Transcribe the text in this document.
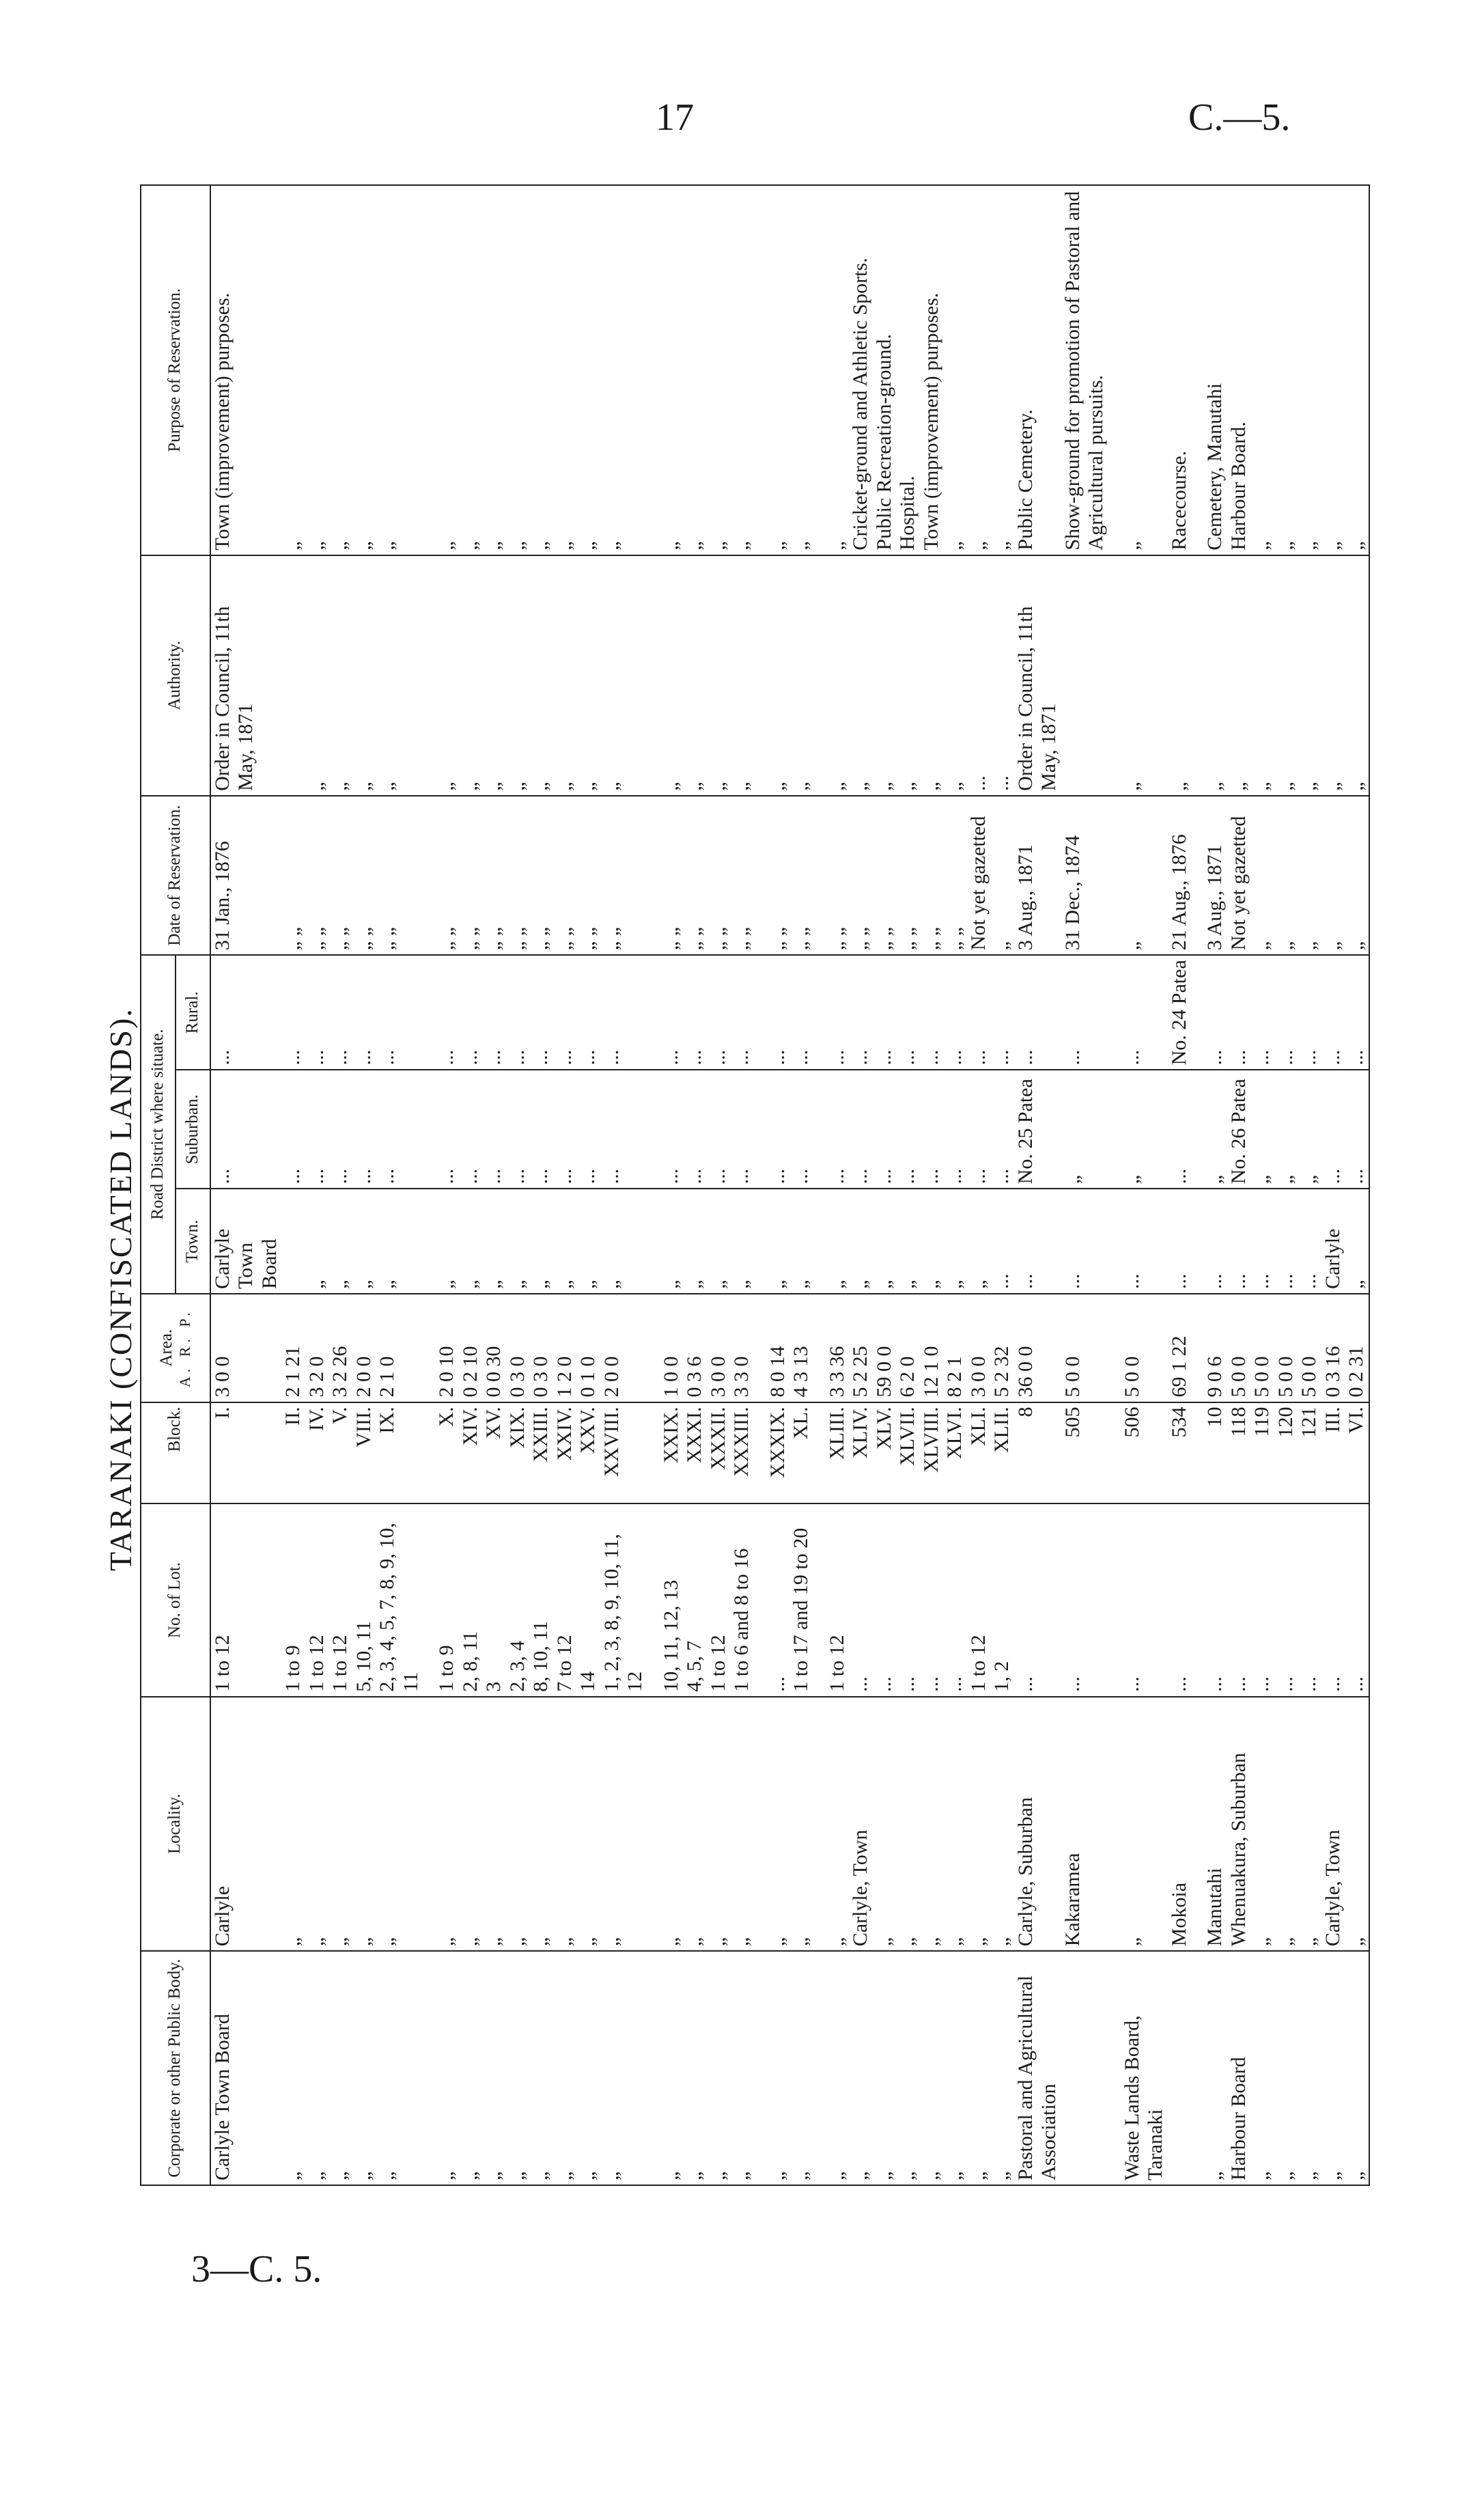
17	C.—5.
3—C. 5.
TARANAKI (CONFISCATED LANDS).
Corporate or other Public Body.	Locality.	No. of Lot.	Block.	Area. A. R. P.	Road District where situate.			Date of Reservation.	Authority.	Purpose of Reservation.
					Town.	Suburban.	Rural.			
Carlyle Town Board	Carlyle	1 to 12	I.	3 0 0	Carlyle Town Board	...	...	31 Jan., 1876	Order in Council, 11th May, 1871	Town (improvement) purposes.
„	„	1 to 9	II.	2 1 21		...	...	„ „		„
„	„	1 to 12	IV.	3 2 0	„	...	...	„ „	„	„
„	„	1 to 12	V.	3 2 26	„	...	...	„ „	„	„
„	„	5, 10, 11	VIII.	2 0 0	„	...	...	„ „	„	„
„	„	2, 3, 4, 5, 7, 8, 9, 10, 11	IX.	2 1 0	„	...	...	„ „	„	„

„	„	1 to 9	X.	2 0 10	„	...	...	„ „	„	„
„	„	2, 8, 11	XIV.	0 2 10	„	...	...	„ „	„	„
„	„	3	XV.	0 0 30	„	...	...	„ „	„	„
„	„	2, 3, 4	XIX.	0 3 0	„	...	...	„ „	„	„
„	„	8, 10, 11	XXIII.	0 3 0	„	...	...	„ „	„	„
„	„	7 to 12	XXIV.	1 2 0	„	...	...	„ „	„	„
„	„	14	XXV.	0 1 0	„	...	...	„ „	„	„
„	„	1, 2, 3, 8, 9, 10, 11, 12	XXVIII.	2 0 0	„	...	...	„ „	„	„

„	„	10, 11, 12, 13	XXIX.	1 0 0	„	...	...	„ „	„	„
„	„	4, 5, 7	XXXI.	0 3 6	„	...	...	„ „	„	„
„	„	1 to 12	XXXII.	3 0 0	„	...	...	„ „	„	„
„	„	1 to 6 and 8 to 16	XXXIII.	3 3 0	„	...	...	„ „	„	„

„	„	...	XXXIX.	8 0 14	„	...	...	„ „	„	„
„	„	1 to 17 and 19 to 20	XL.	4 3 13	„	...	...	„ „	„	„

„	„	1 to 12	XLIII.	3 3 36	„	...	...	„ „	„	„
„	Carlyle, Town	...	XLIV.	5 2 25	„	...	...	„ „	„	Cricket-ground and Athletic Sports.
„	„	...	XLV.	59 0 0	„	...	...	„ „	„	Public Recreation-ground.
„	„	...	XLVII.	6 2 0	„	...	...	„ „	„	Hospital.
„	„	...	XLVIII.	12 1 0	„	...	...	„ „	„	Town (improvement) purposes.
„	„	...	XLVI.	8 2 1	„	...	...	„ „	„	„
„	„	1 to 12	XLI.	3 0 0	„	...	...	Not yet gazetted	...	„
„	„	1, 2	XLII.	5 2 32	...	...	...	„	...	„
Pastoral and Agricultural Association	Carlyle, Suburban	...	8	36 0 0	...	No. 25 Patea	...	3 Aug., 1871	Order in Council, 11th May, 1871	Public Cemetery.
	Kakaramea	...	505	5 0 0	...	„	...	31 Dec., 1874		Show-ground for promotion of Pastoral and Agricultural pursuits.

Waste Lands Board, Taranaki	„	...	506	5 0 0	...	„	...	„	„	„
	Mokoia	...	534	69 1 22	...	...	No. 24 Patea	21 Aug., 1876	„	Racecourse.

„	Manutahi	...	10	9 0 6	...	„	...	3 Aug., 1871	„	Cemetery, Manutahi
Harbour Board	Whenuakura, Suburban	...	118	5 0 0	...	No. 26 Patea	...	Not yet gazetted	„	Harbour Board.
„	„	...	119	5 0 0	...	„	...	„	„	„
„	„	...	120	5 0 0	...	„	...	„	„	„
„	„	...	121	5 0 0	...	„	...	„	„	„
„	Carlyle, Town	...	III.	0 3 16	Carlyle	...	...	„	„	„
„	„	...	VI.	0 2 31	„	...	...	„	„	„
